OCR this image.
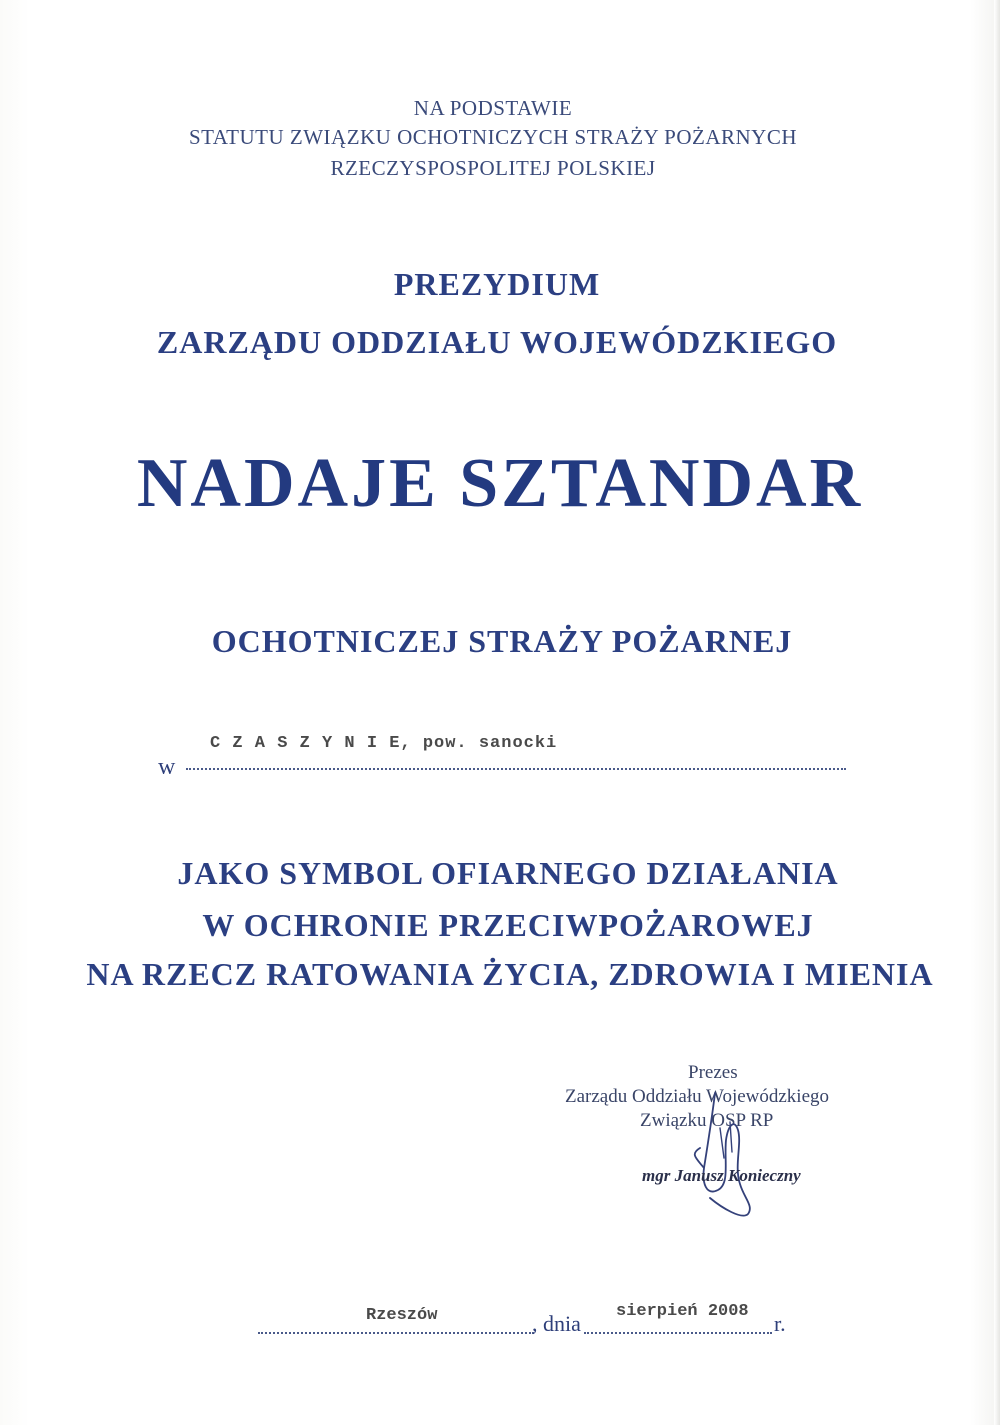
NA PODSTAWIE
STATUTU ZWIĄZKU OCHOTNICZYCH STRAŻY POŻARNYCH
RZECZYSPOSPOLITEJ POLSKIEJ
PREZYDIUM
ZARZĄDU ODDZIAŁU WOJEWÓDZKIEGO
NADAJE SZTANDAR
OCHOTNICZEJ STRAŻY POŻARNEJ
w
C Z A S Z Y N I E, pow. sanocki
JAKO SYMBOL OFIARNEGO DZIAŁANIA
W OCHRONIE PRZECIWPOŻAROWEJ
NA RZECZ RATOWANIA ŻYCIA, ZDROWIA I MIENIA
Prezes
Zarządu Oddziału Wojewódzkiego
Związku OSP RP
mgr Janusz Konieczny
Rzeszów	, dnia sierpień 2008 r.
